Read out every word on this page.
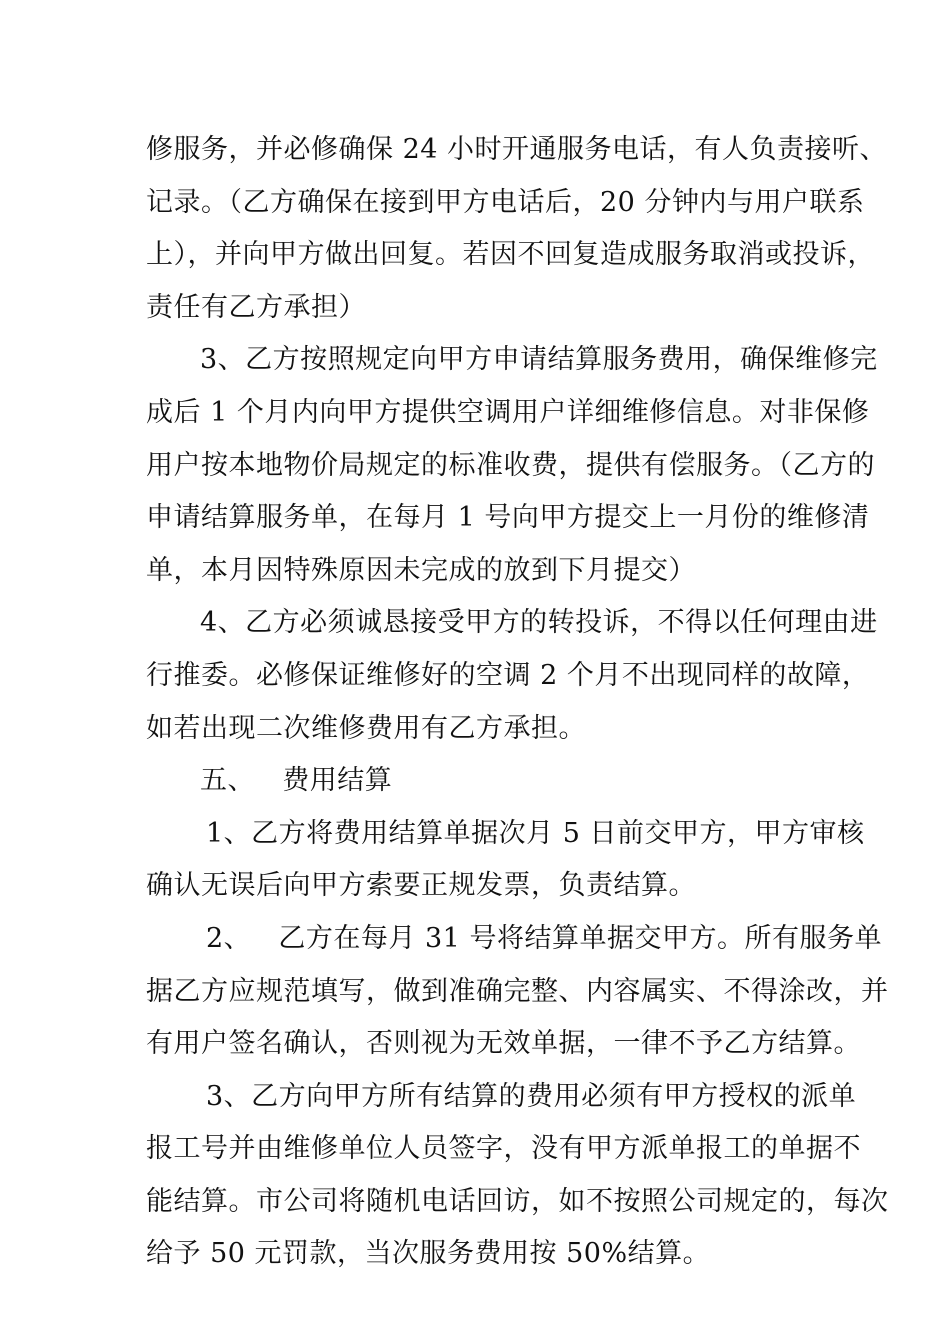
修服务，并必修确保 24 小时开通服务电话，有人负责接听、
记录。（乙方确保在接到甲方电话后，20 分钟内与用户联系
上），并向甲方做出回复。若因不回复造成服务取消或投诉，
责任有乙方承担）
3、乙方按照规定向甲方申请结算服务费用，确保维修完
成后 1 个月内向甲方提供空调用户详细维修信息。对非保修
用户按本地物价局规定的标准收费，提供有偿服务。（乙方的
申请结算服务单，在每月 1 号向甲方提交上一月份的维修清
单，本月因特殊原因未完成的放到下月提交）
4、乙方必须诚恳接受甲方的转投诉，不得以任何理由进
行推委。必修保证维修好的空调 2 个月不出现同样的故障，
如若出现二次维修费用有乙方承担。
五、   费用结算
1、乙方将费用结算单据次月 5 日前交甲方，甲方审核
确认无误后向甲方索要正规发票，负责结算。
2、   乙方在每月 31 号将结算单据交甲方。所有服务单
据乙方应规范填写，做到准确完整、内容属实、不得涂改，并
有用户签名确认，否则视为无效单据，一律不予乙方结算。
3、乙方向甲方所有结算的费用必须有甲方授权的派单
报工号并由维修单位人员签字，没有甲方派单报工的单据不
能结算。市公司将随机电话回访，如不按照公司规定的，每次
给予 50 元罚款，当次服务费用按 50%结算。
